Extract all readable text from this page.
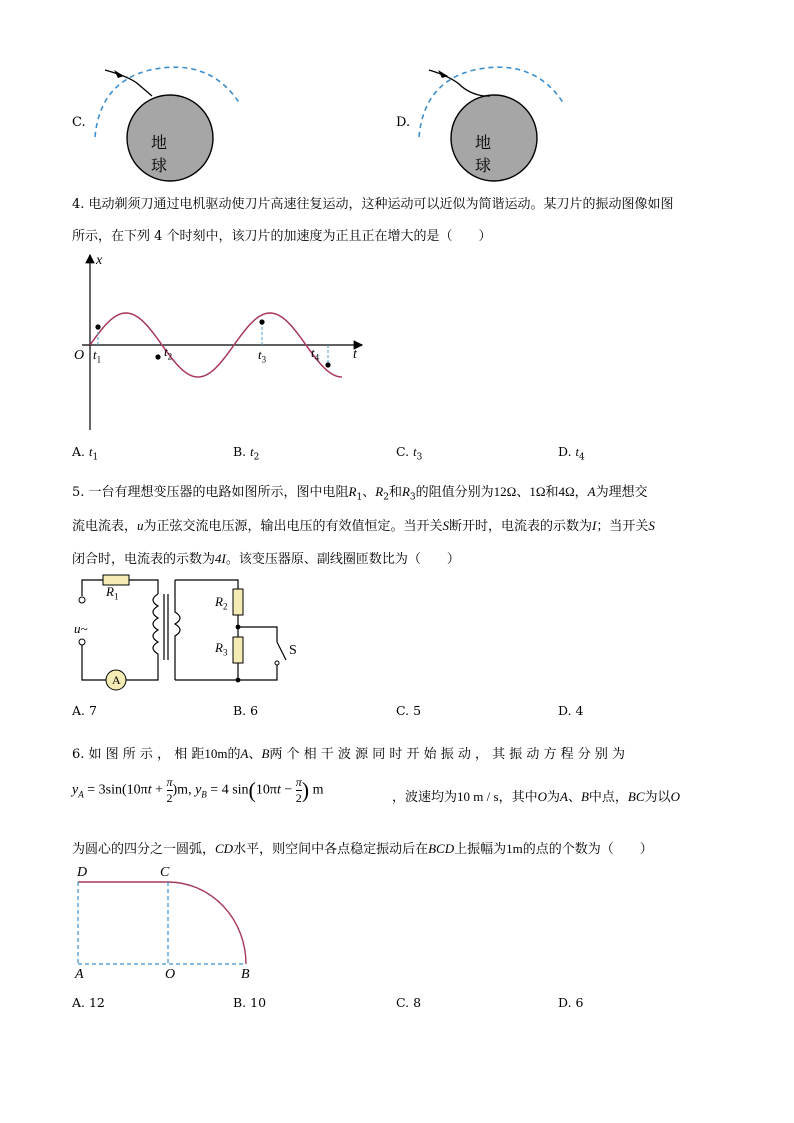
C.
地球
D.
地球
4. 电动剃须刀通过电机驱动使刀片高速往复运动，这种运动可以近似为简谐运动。某刀片的振动图像如图
所示，在下列 4 个时刻中，该刀片的加速度为正且正在增大的是（　　）
x
t
O $t_1$
$t_2$	$t_3$	$t_4$
A. $t_1$	B. $t_2$	C. $t_3$	D. $t_4$
5. 一台有理想变压器的电路如图所示，图中电阻$R_1$、$R_2$和$R_3$的阻值分别为12Ω、1Ω和4Ω，A为理想交
流电流表，u为正弦交流电压源，输出电压的有效值恒定。当开关S断开时，电流表的示数为I；当开关S
闭合时，电流表的示数为4I。该变压器原、副线圈匝数比为（　　）
$R_1$	$R_2$
$R_3$
u~
A
S
A. 7	B. 6	C. 5	D. 4
6. 如 图 所 示 ， 相 距10m的A、B两 个 相 干 波 源 同 时 开 始 振 动 ， 其 振 动 方 程 分 别 为
$y_A = 3\sin(10\pi t + \frac{\pi}{2} )m$, $y_B = 4$ $\sin(10\pi t - \frac{\pi}{2}$ ) m	，波速均为10 m / s，其中O为A、B中点，BC为以O
为圆心的四分之一圆弧，CD水平，则空间中各点稳定振动后在BCD上振幅为1m的点的个数为（　　）
D	C
A	O	B
A. 12	B. 10	C. 8	D. 6
